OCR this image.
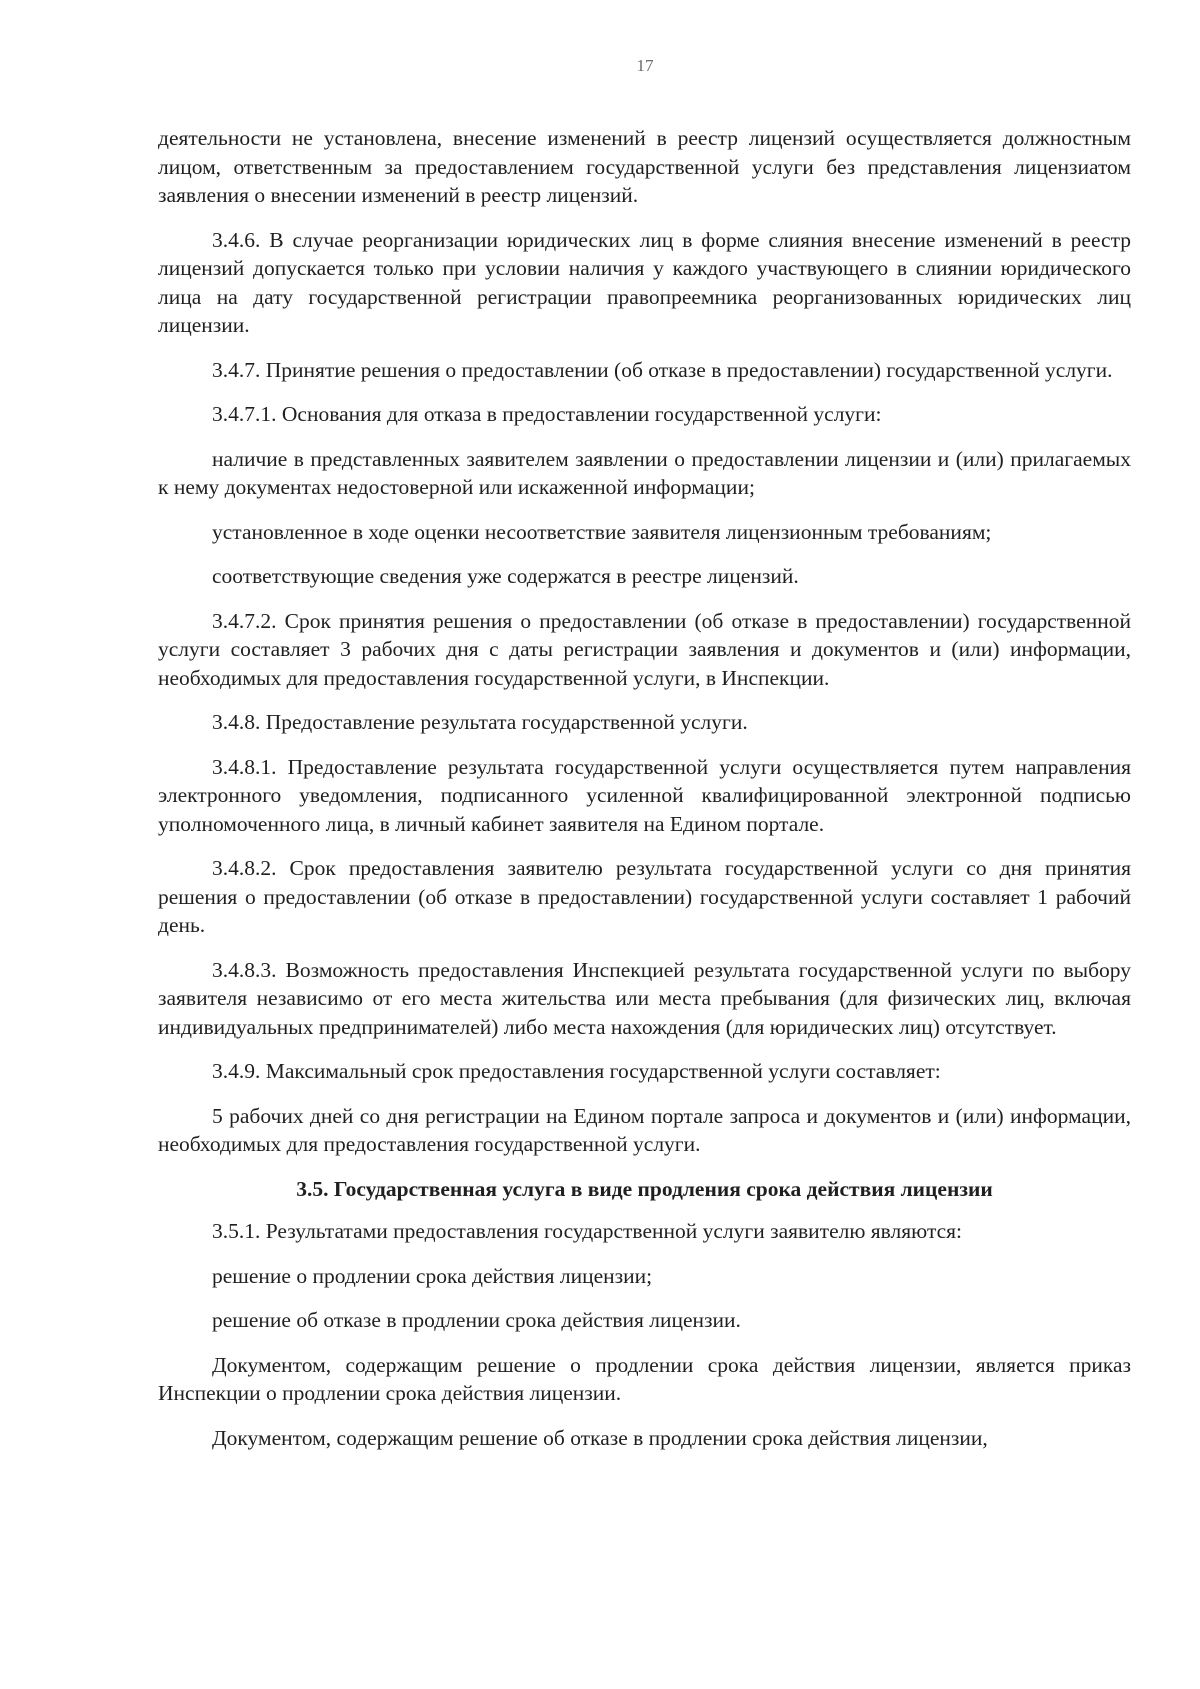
17

деятельности не установлена, внесение изменений в реестр лицензий осуществляется должностным лицом, ответственным за предоставлением государственной услуги без представления лицензиатом заявления о внесении изменений в реестр лицензий.

3.4.6. В случае реорганизации юридических лиц в форме слияния внесение изменений в реестр лицензий допускается только при условии наличия у каждого участвующего в слиянии юридического лица на дату государственной регистрации правопреемника реорганизованных юридических лиц лицензии.

3.4.7. Принятие решения о предоставлении (об отказе в предоставлении) государственной услуги.

3.4.7.1. Основания для отказа в предоставлении государственной услуги:

наличие в представленных заявителем заявлении о предоставлении лицензии и (или) прилагаемых к нему документах недостоверной или искаженной информации;

установленное в ходе оценки несоответствие заявителя лицензионным требованиям;

соответствующие сведения уже содержатся в реестре лицензий.

3.4.7.2. Срок принятия решения о предоставлении (об отказе в предоставлении) государственной услуги составляет 3 рабочих дня с даты регистрации заявления и документов и (или) информации, необходимых для предоставления государственной услуги, в Инспекции.

3.4.8. Предоставление результата государственной услуги.

3.4.8.1. Предоставление результата государственной услуги осуществляется путем направления электронного уведомления, подписанного усиленной квалифицированной электронной подписью уполномоченного лица, в личный кабинет заявителя на Едином портале.

3.4.8.2. Срок предоставления заявителю результата государственной услуги со дня принятия решения о предоставлении (об отказе в предоставлении) государственной услуги составляет 1 рабочий день.

3.4.8.3. Возможность предоставления Инспекцией результата государственной услуги по выбору заявителя независимо от его места жительства или места пребывания (для физических лиц, включая индивидуальных предпринимателей) либо места нахождения (для юридических лиц) отсутствует.

3.4.9. Максимальный срок предоставления государственной услуги составляет:

5 рабочих дней со дня регистрации на Едином портале запроса и документов и (или) информации, необходимых для предоставления государственной услуги.

3.5. Государственная услуга в виде продления срока действия лицензии

3.5.1. Результатами предоставления государственной услуги заявителю являются:

решение о продлении срока действия лицензии;

решение об отказе в продлении срока действия лицензии.

Документом, содержащим решение о продлении срока действия лицензии, является приказ Инспекции о продлении срока действия лицензии.

Документом, содержащим решение об отказе в продлении срока действия лицензии,
